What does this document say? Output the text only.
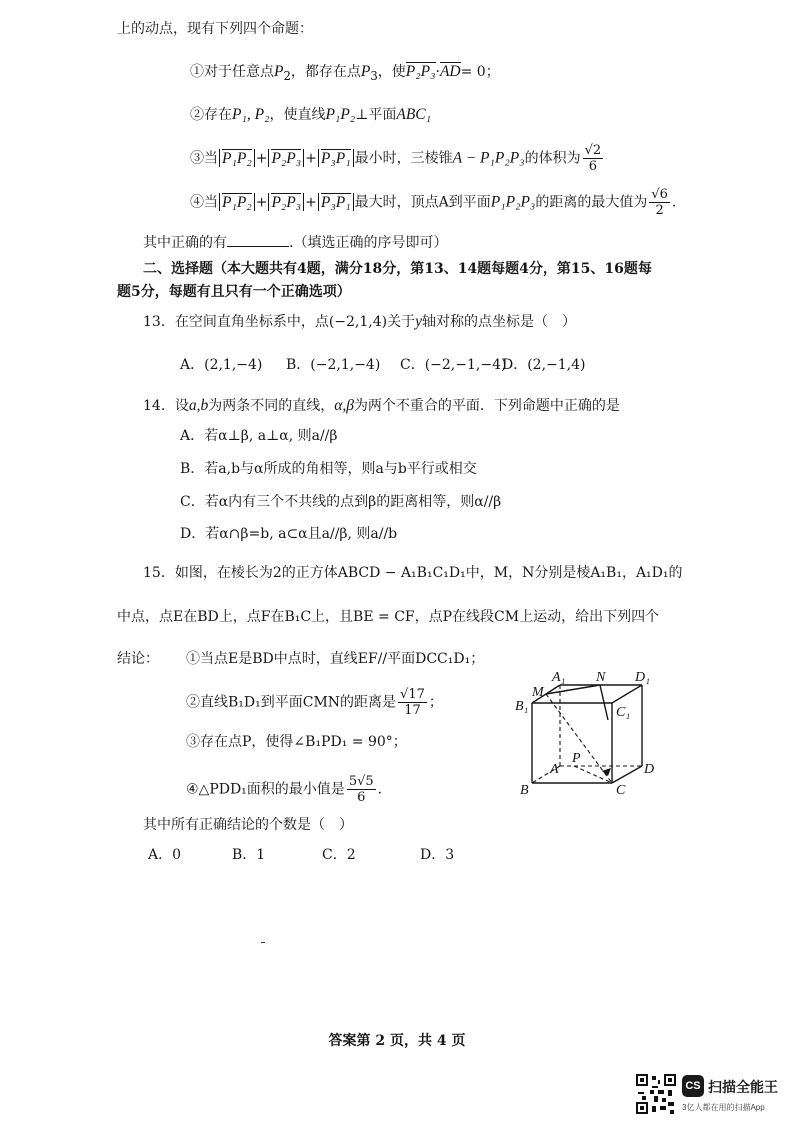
上的动点，现有下列四个命题：
①对于任意点$P_2$，都存在点$P_3$，使P₂P₃·AD= 0；
②存在P₁, P₂，使直线P₁P₂⊥平面ABC₁
③当 P₁P₂ + P₂P₃ + P₃P₁ 最小时，三棱锥A − P₁P₂P₃的体积为 $\frac{√2}{6}$
④当 P₁P₂ + P₂P₃ + P₃P₁ 最大时，顶点A到平面P₁P₂P₃的距离的最大值为 $\frac{√6}{2}$ .
其中正确的有	.（填选正确的序号即可）
二、选择题（本大题共有4题，满分18分，第13、14题每题4分，第15、16题每
题5分，每题有且只有一个正确选项）
13．在空间直角坐标系中，点(−2,1,4)关于y轴对称的点坐标是（　）
A．(2,1,−4) B．(−2,1,−4) C．(−2,−1,−4)
D．(2,−1,4)
14．设a,b为两条不同的直线，α,β为两个不重合的平面．下列命题中正确的是
A．若α⊥β, a⊥α, 则a//β
B．若a,b与α所成的角相等，则a与b平行或相交
C．若α内有三个不共线的点到β的距离相等，则α//β
D．若α∩β=b, a⊂α且a//β, 则a//b
15．如图，在棱长为2的正方体ABCD − A₁B₁C₁D₁中，M，N分别是棱A₁B₁，A₁D₁的
中点，点E在BD上，点F在B₁C上，且BE = CF，点P在线段CM上运动，给出下列四个
结论： ①当点E是BD中点时，直线EF//平面DCC₁D₁；
②直线B₁D₁到平面CMN的距离是 $\frac{√17}{17}$ ；
③存在点P，使得∠B₁PD₁ = 90°；
④△PDD₁面积的最小值是 $\frac{5√5}{6}$ .
其中所有正确结论的个数是（　）
A．0	B．1	C．2	D．3
A₁ N D₁
M
B₁	C₁
A
P
D
B	C
答案第 2 页，共 4 页
CS 扫描全能王
3亿人都在用的扫描App
